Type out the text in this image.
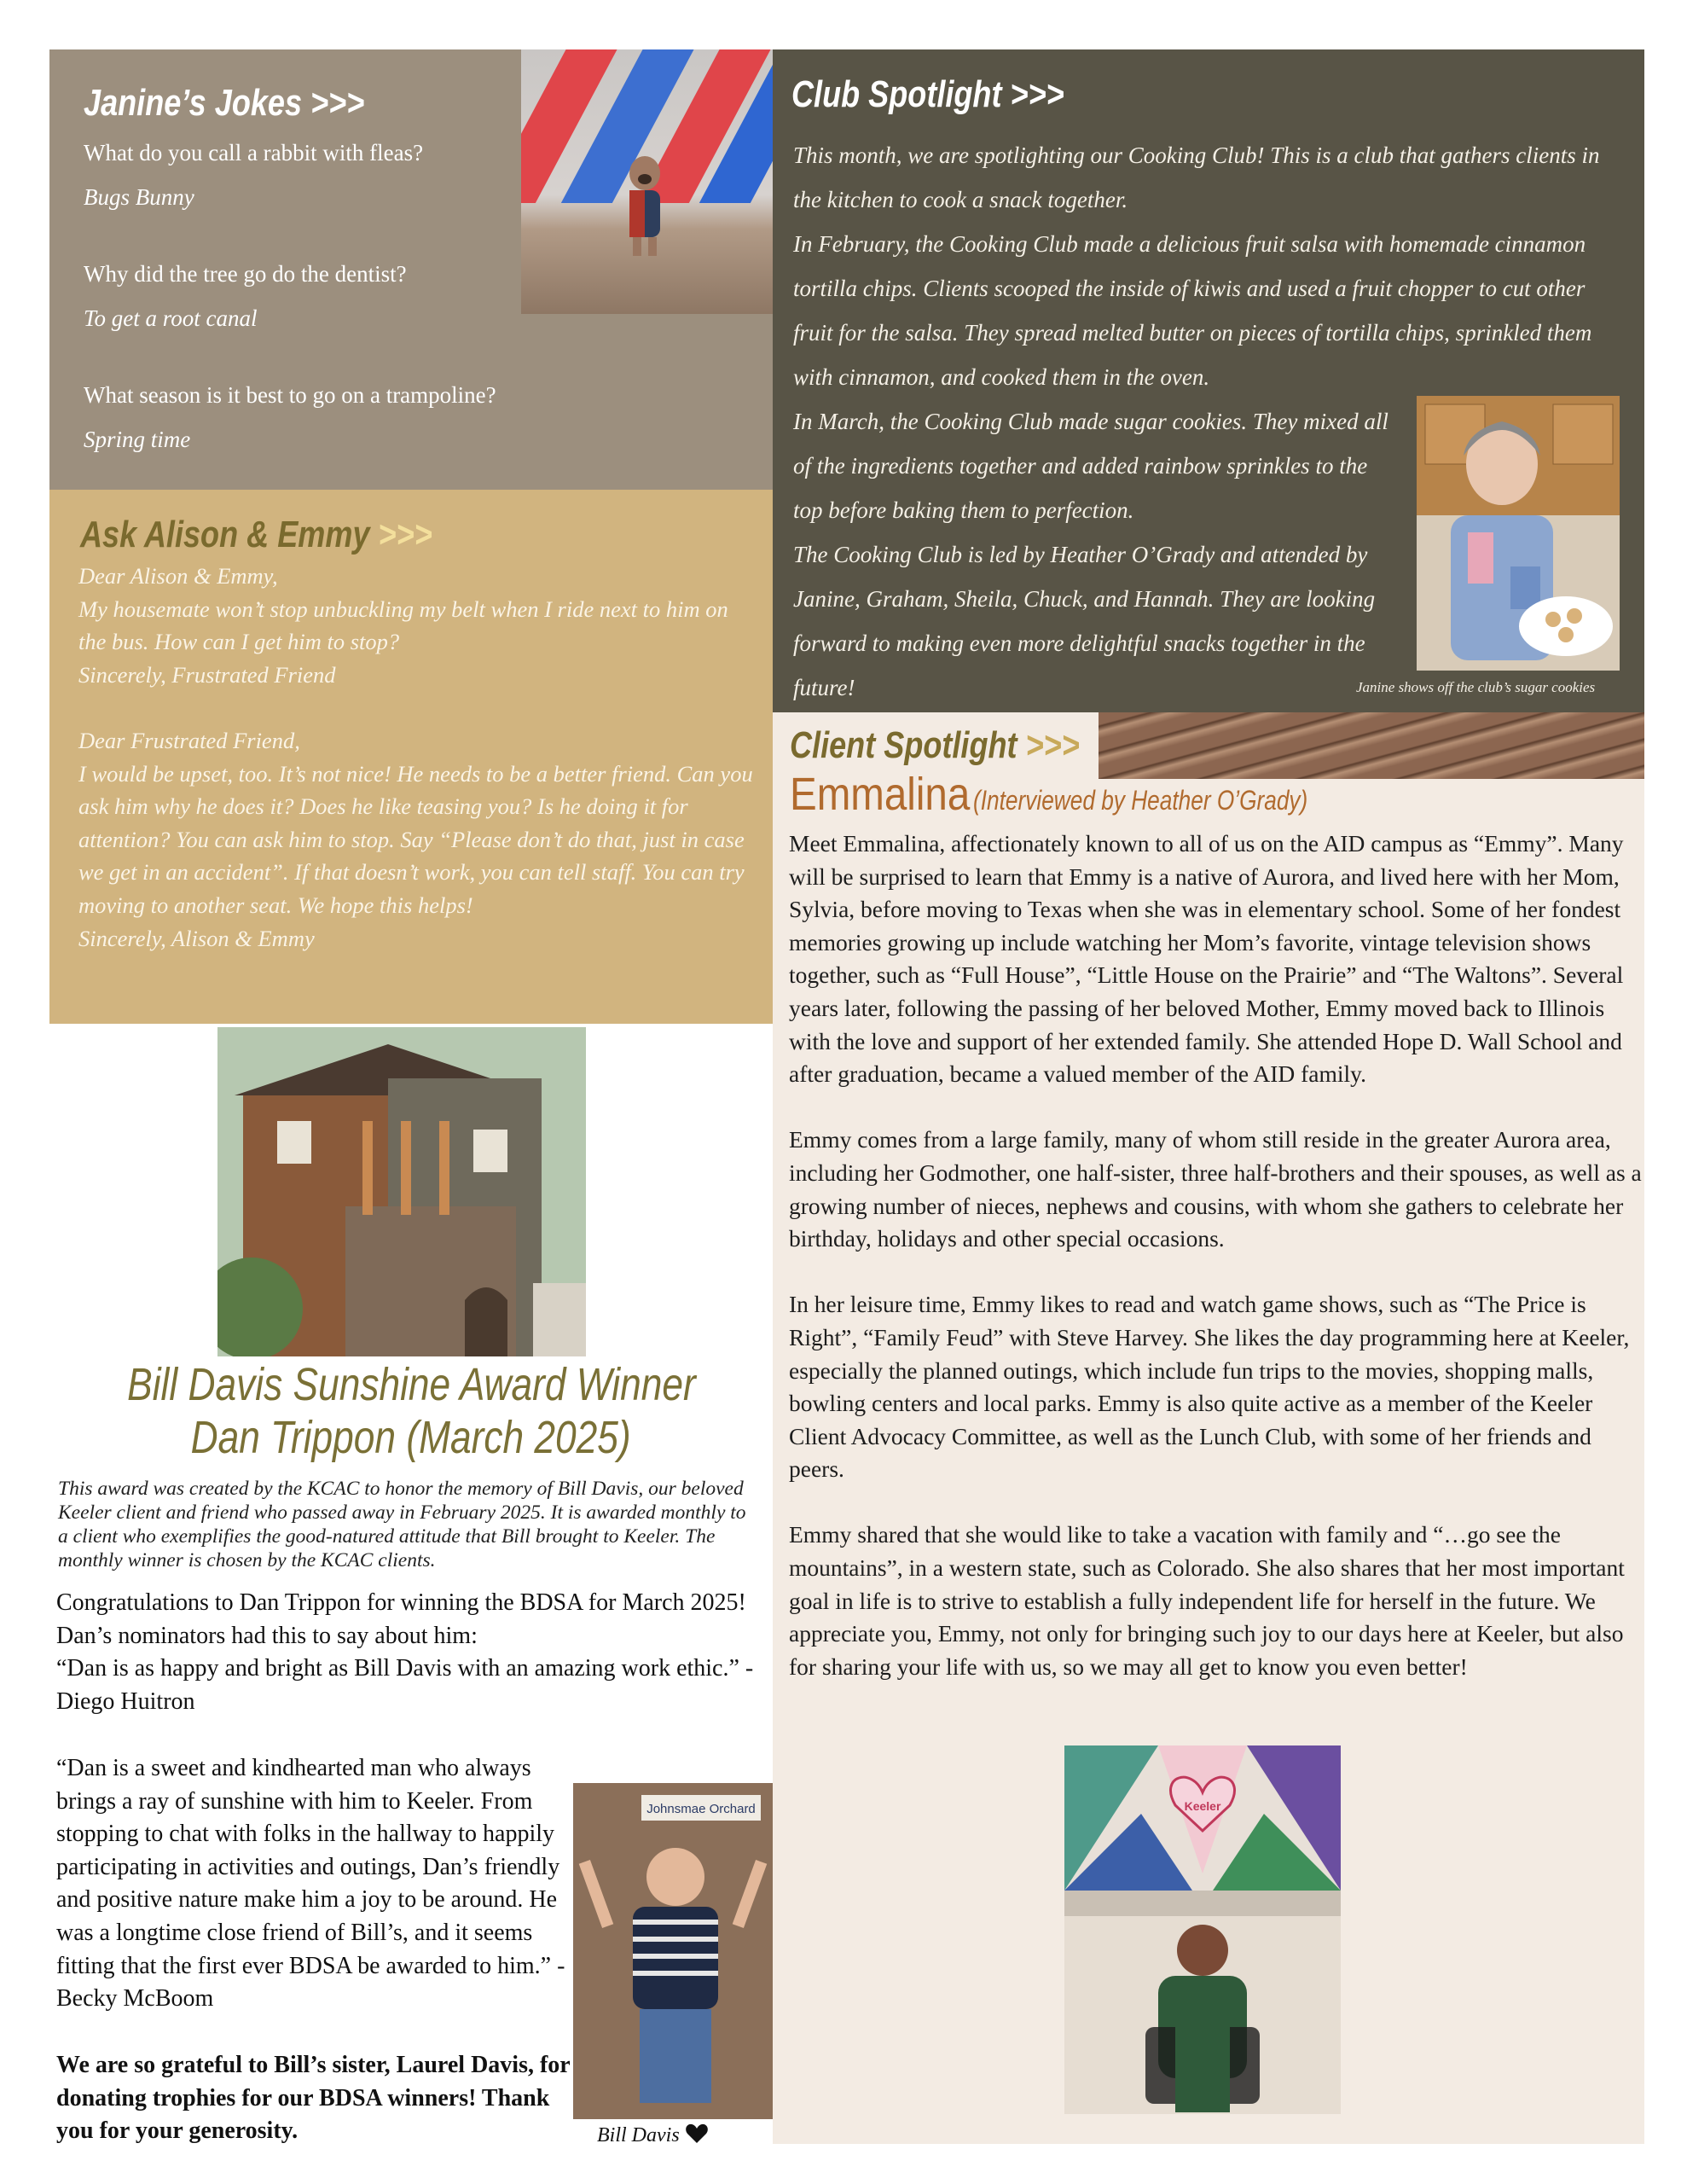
Janine’s Jokes >>>
What do you call a rabbit with fleas?
Bugs Bunny
Why did the tree go do the dentist?
To get a root canal
What season is it best to go on a trampoline?
Spring time
Ask Alison & Emmy >>>

Dear Alison & Emmy,

My housemate won’t stop unbuckling my belt when I ride next to him on the bus. How can I get him to stop?

Sincerely, Frustrated Friend

Dear Frustrated Friend,

I would be upset, too. It’s not nice! He needs to be a better friend. Can you ask him why he does it? Does he like teasing you? Is he doing it for attention? You can ask him to stop. Say “Please don’t do that, just in case we get in an accident”. If that doesn’t work, you can tell staff. You can try moving to another seat. We hope this helps!

Sincerely, Alison & Emmy

Bill Davis Sunshine Award Winner
Dan Trippon (March 2025)
This award was created by the KCAC to honor the memory of Bill Davis, our beloved Keeler client and friend who passed away in February 2025. It is awarded monthly to a client who exemplifies the good-natured attitude that Bill brought to Keeler. The monthly winner is chosen by the KCAC clients.

Congratulations to Dan Trippon for winning the BDSA for March 2025! Dan’s nominators had this to say about him:

“Dan is as happy and bright as Bill Davis with an amazing work ethic.” -Diego Huitron

“Dan is a sweet and kindhearted man who always brings a ray of sunshine with him to Keeler. From stopping to chat with folks in the hallway to happily participating in activities and outings, Dan’s friendly and positive nature make him a joy to be around. He was a longtime close friend of Bill’s, and it seems fitting that the first ever BDSA be awarded to him.” -Becky McBoom
We are so grateful to Bill’s sister, Laurel Davis, for donating trophies for our BDSA winners! Thank you for your generosity.
Johnsmae Orchard
Bill Davis
Club Spotlight >>>
This month, we are spotlighting our Cooking Club! This is a club that gathers clients in the kitchen to cook a snack together.
In February, the Cooking Club made a delicious fruit salsa with homemade cinnamon tortilla chips. Clients scooped the inside of kiwis and used a fruit chopper to cut other fruit for the salsa. They spread melted butter on pieces of tortilla chips, sprinkled them with cinnamon, and cooked them in the oven.
In March, the Cooking Club made sugar cookies. They mixed all of the ingredients together and added rainbow sprinkles to the top before baking them to perfection.
The Cooking Club is led by Heather O’Grady and attended by Janine, Graham, Sheila, Chuck, and Hannah. They are looking forward to making even more delightful snacks together in the future!	Janine shows off the club’s sugar cookies
Client Spotlight >>>
Emmalina (Interviewed by Heather O’Grady)

Meet Emmalina, affectionately known to all of us on the AID campus as “Emmy”. Many will be surprised to learn that Emmy is a native of Aurora, and lived here with her Mom, Sylvia, before moving to Texas when she was in elementary school. Some of her fondest memories growing up include watching her Mom’s favorite, vintage television shows together, such as “Full House”, “Little House on the Prairie” and “The Waltons”. Several years later, following the passing of her beloved Mother, Emmy moved back to Illinois with the love and support of her extended family. She attended Hope D. Wall School and after graduation, became a valued member of the AID family.

Emmy comes from a large family, many of whom still reside in the greater Aurora area, including her Godmother, one half-sister, three half-brothers and their spouses, as well as a growing number of nieces, nephews and cousins, with whom she gathers to celebrate her birthday, holidays and other special occasions.

In her leisure time, Emmy likes to read and watch game shows, such as “The Price is Right”, “Family Feud” with Steve Harvey. She likes the day programming here at Keeler, especially the planned outings, which include fun trips to the movies, shopping malls, bowling centers and local parks. Emmy is also quite active as a member of the Keeler Client Advocacy Committee, as well as the Lunch Club, with some of her friends and peers.

Emmy shared that she would like to take a vacation with family and “…go see the mountains”, in a western state, such as Colorado. She also shares that her most important goal in life is to strive to establish a fully independent life for herself in the future. We appreciate you, Emmy, not only for bringing such joy to our days here at Keeler, but also for sharing your life with us, so we may all get to know you even better!

Keeler
